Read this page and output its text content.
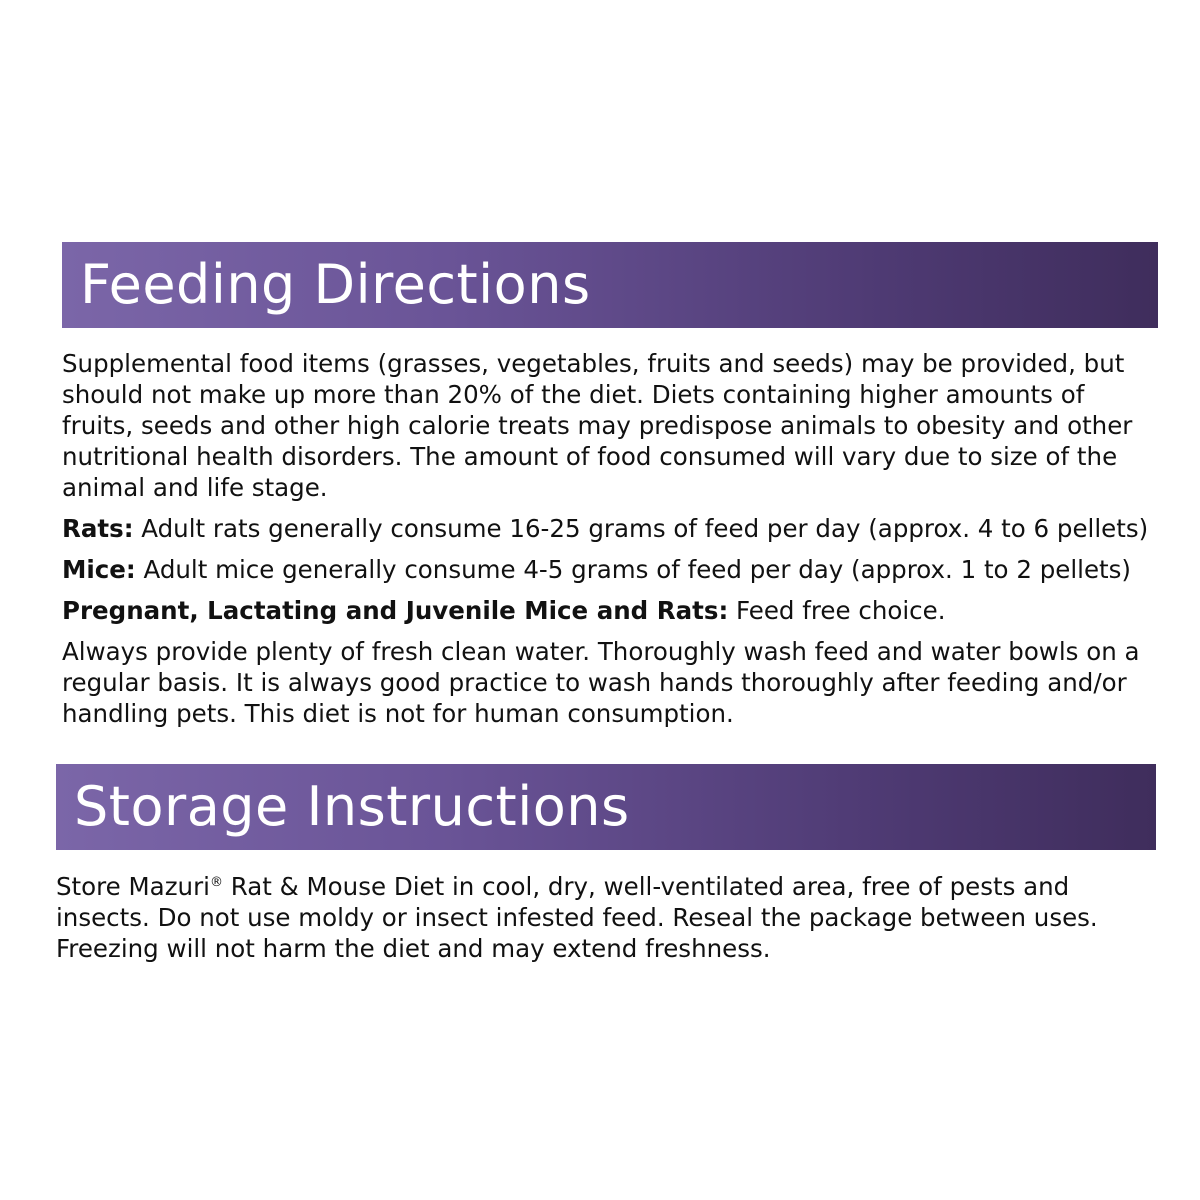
Feeding Directions

Supplemental food items (grasses, vegetables, fruits and seeds) may be provided, but should not make up more than 20% of the diet. Diets containing higher amounts of fruits, seeds and other high calorie treats may predispose animals to obesity and other nutritional health disorders. The amount of food consumed will vary due to size of the animal and life stage.

Rats: Adult rats generally consume 16-25 grams of feed per day (approx. 4 to 6 pellets)

Mice: Adult mice generally consume 4-5 grams of feed per day (approx. 1 to 2 pellets)

Pregnant, Lactating and Juvenile Mice and Rats: Feed free choice.

Always provide plenty of fresh clean water. Thoroughly wash feed and water bowls on a regular basis. It is always good practice to wash hands thoroughly after feeding and/or handling pets. This diet is not for human consumption.

Storage Instructions

Store Mazuri® Rat & Mouse Diet in cool, dry, well-ventilated area, free of pests and insects. Do not use moldy or insect infested feed. Reseal the package between uses. Freezing will not harm the diet and may extend freshness.
